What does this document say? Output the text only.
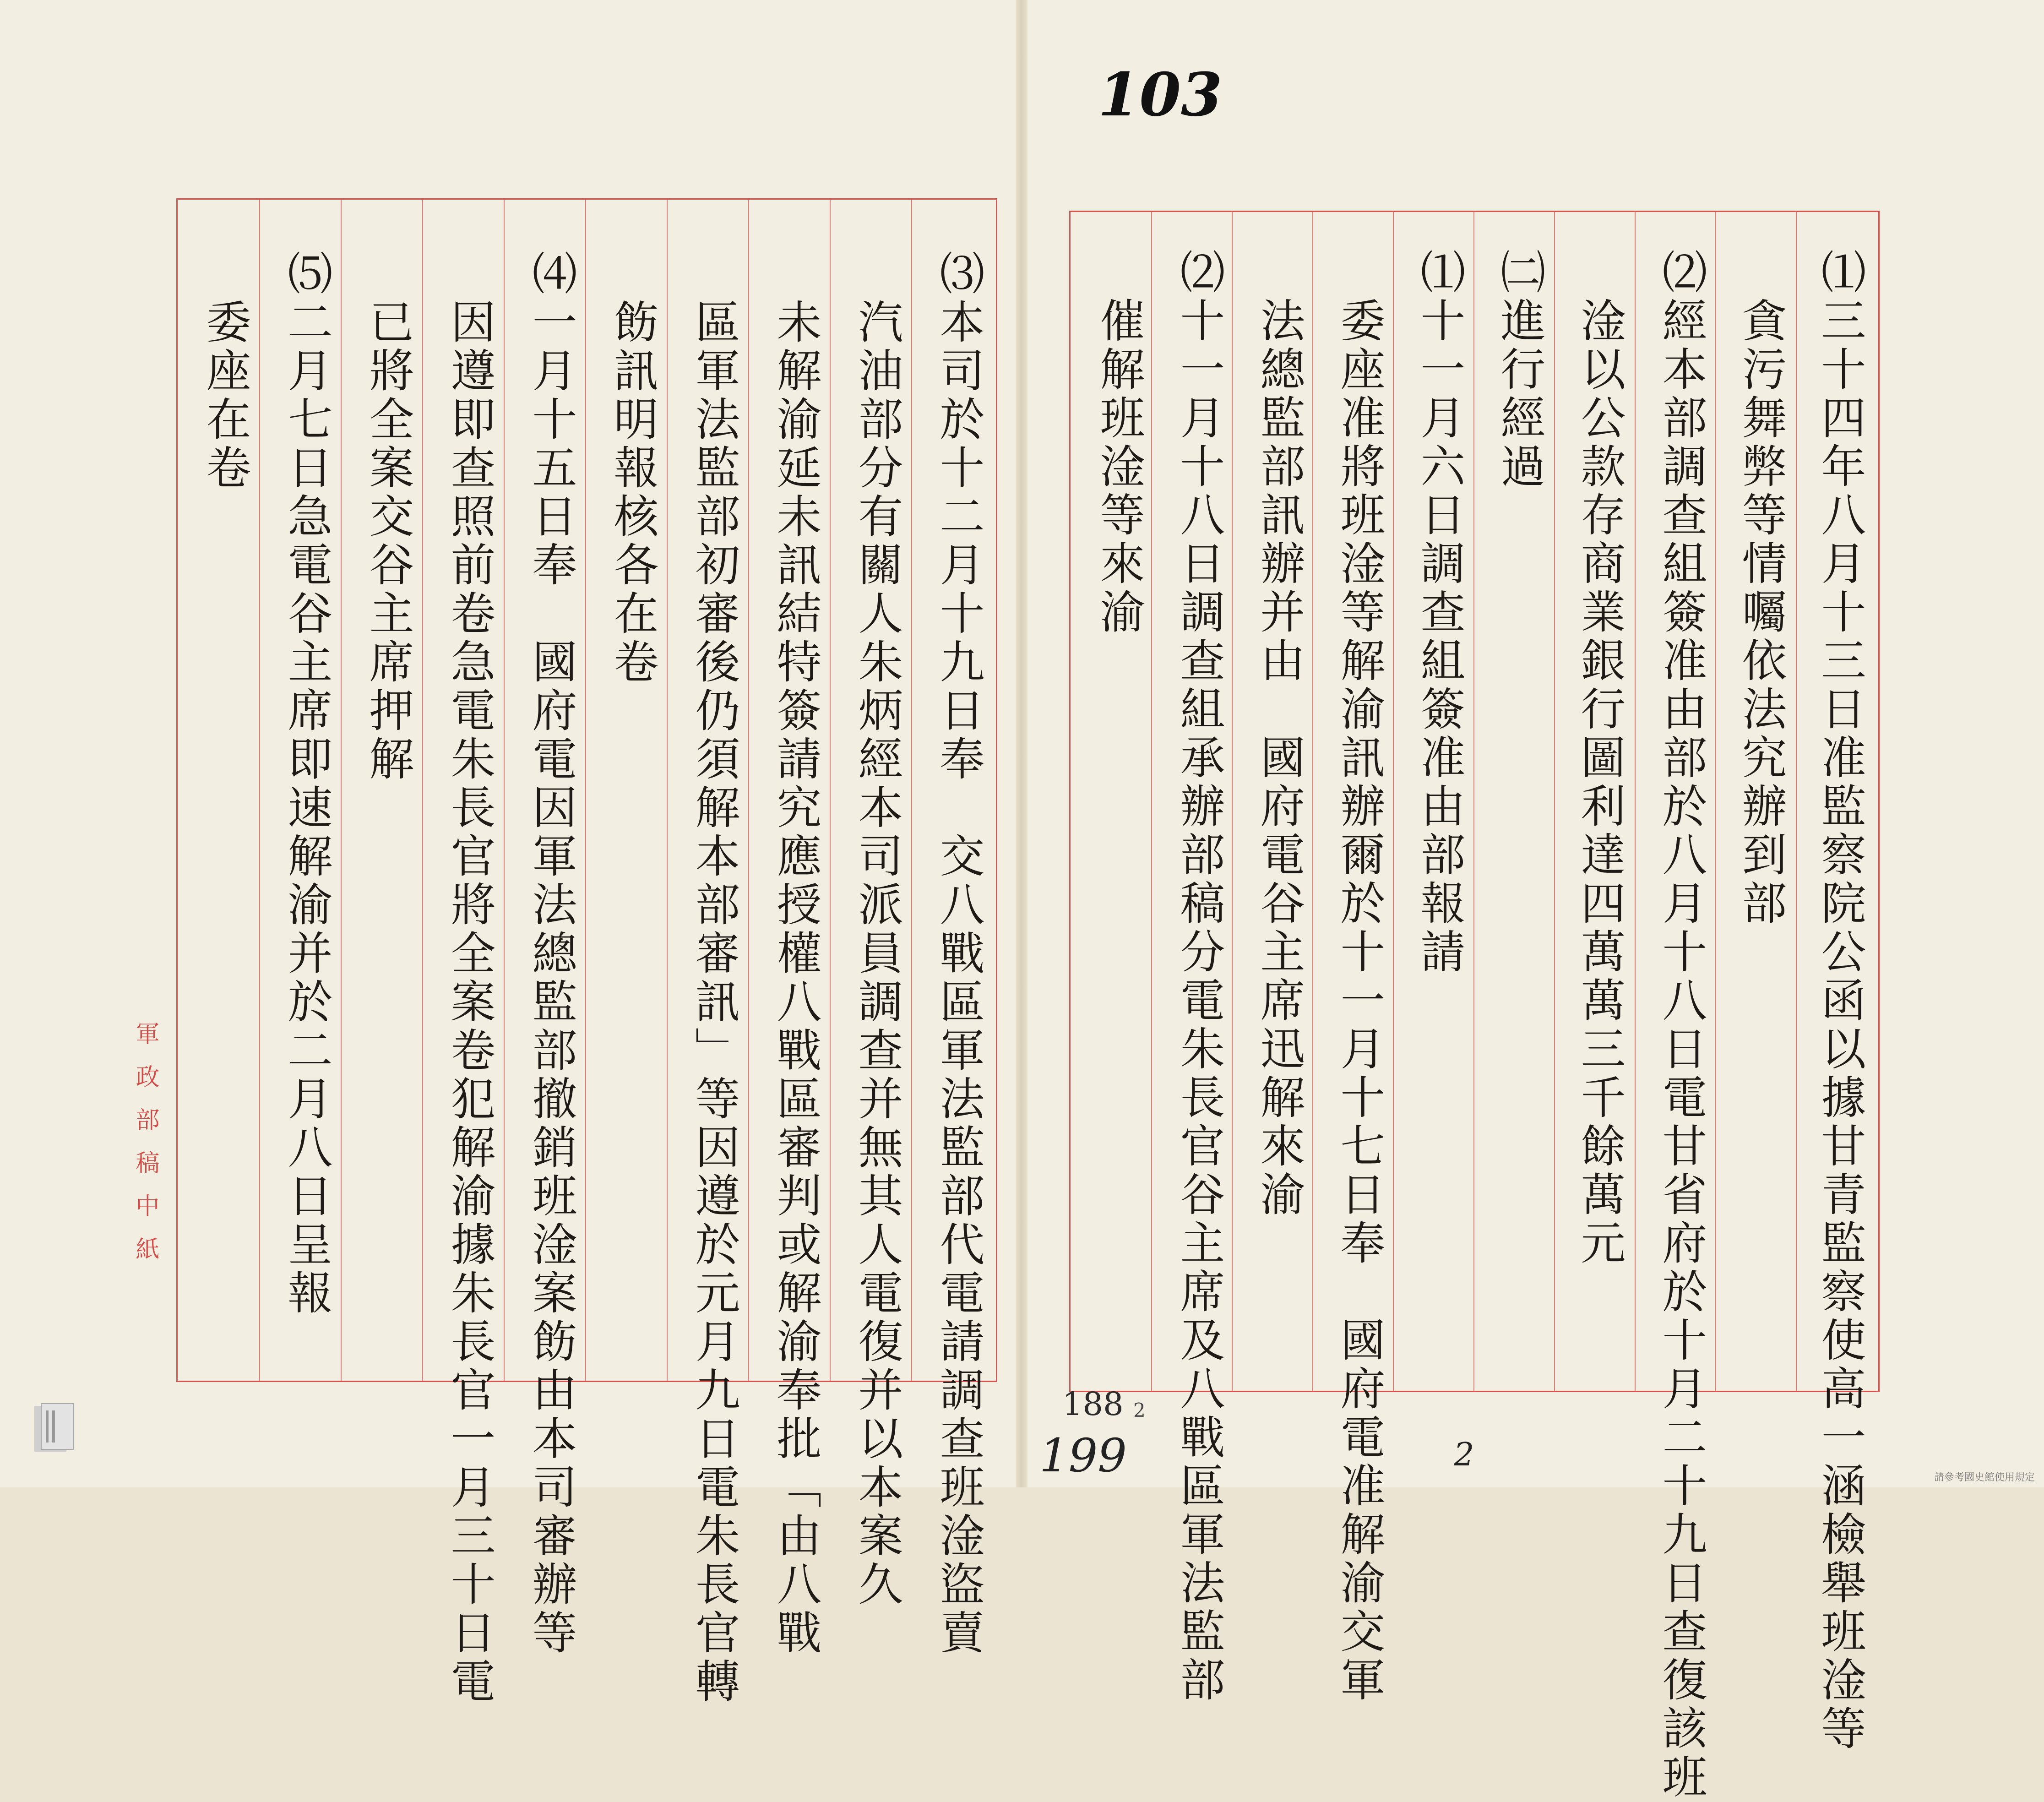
⑴三十四年八月十三日准監察院公函以據甘青監察使高一涵檢舉班淦等
　貪污舞弊等情囑依法究辦到部
⑵經本部調查組簽准由部於八月十八日電甘省府於十月二十九日查復該班
　淦以公款存商業銀行圖利達四萬萬三千餘萬元
㈡進行經過
⑴十一月六日調查組簽准由部報請
　委座准將班淦等解渝訊辦爾於十一月十七日奉　國府電准解渝交軍
　法總監部訊辦并由　國府電谷主席迅解來渝
⑵十一月十八日調查組承辦部稿分電朱長官谷主席及八戰區軍法監部
　催解班淦等來渝
⑶本司於十二月十九日奉　交八戰區軍法監部代電請調查班淦盜賣
　汽油部分有關人朱炳經本司派員調查并無其人電復并以本案久
　未解渝延未訊結特簽請究應授權八戰區審判或解渝奉批「由八戰
　區軍法監部初審後仍須解本部審訊」等因遵於元月九日電朱長官轉
　飭訊明報核各在卷
⑷一月十五日奉　國府電因軍法總監部撤銷班淦案飭由本司審辦等
　因遵即查照前卷急電朱長官將全案卷犯解渝據朱長官一月三十日電
　已將全案交谷主席押解
⑸二月七日急電谷主席即速解渝并於二月八日呈報
　委座在卷
軍政部稿中紙
103
188 2
199	2
請參考國史館使用規定
